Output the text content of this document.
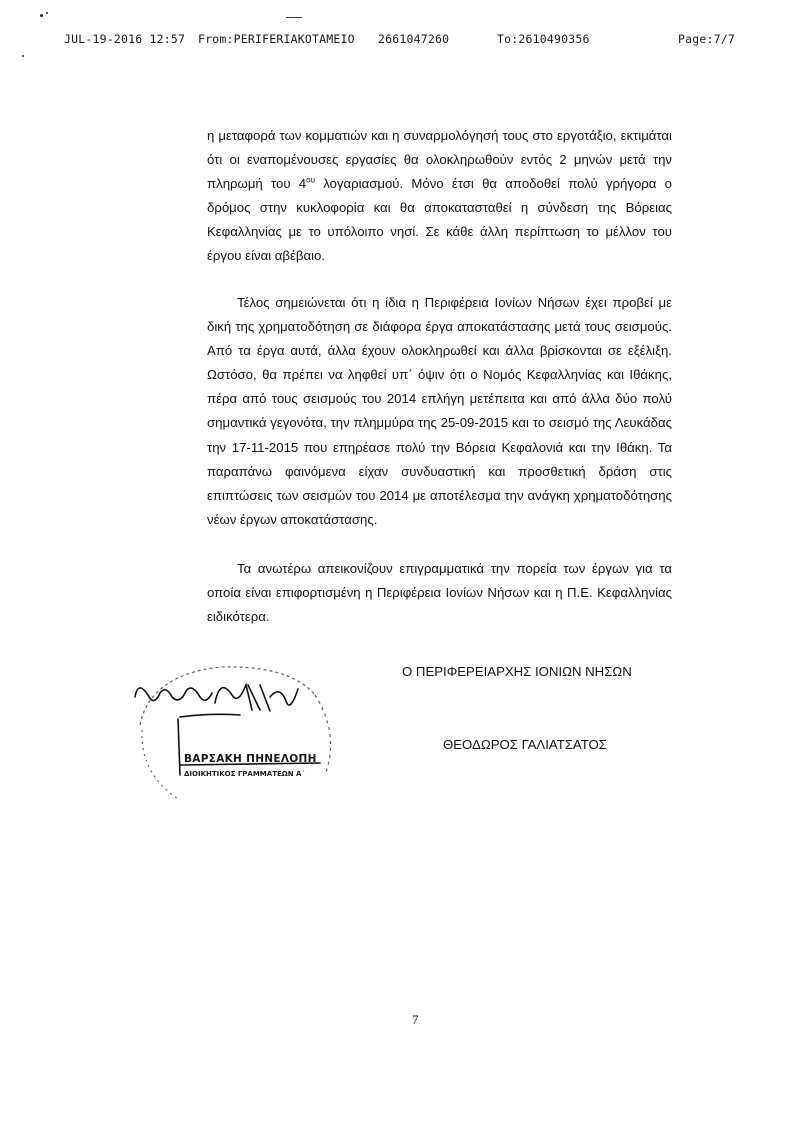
JUL-19-2016 12:57 From:PERIFERIAKOTAMEIO 2661047260	To:2610490356	Page:7/7

η μεταφορά των κομματιών και η συναρμολόγησή τους στο εργοτάξιο, εκτιμάται ότι οι εναπομένουσες εργασίες θα ολοκληρωθούν εντός 2 μηνών μετά την πληρωμή του $4^{o\upsilon}$ λογαριασμού. Μόνο έτσι θα αποδοθεί πολύ γρήγορα ο δρόμος στην κυκλοφορία και θα αποκατασταθεί η σύνδεση της Βόρειας Κεφαλληνίας με το υπόλοιπο νησί. Σε κάθε άλλη περίπτωση το μέλλον του έργου είναι αβέβαιο.

Τέλος σημειώνεται ότι η ίδια η Περιφέρεια Ιονίων Νήσων έχει προβεί με δική της χρηματοδότηση σε διάφορα έργα αποκατάστασης μετά τους σεισμούς. Από τα έργα αυτά, άλλα έχουν ολοκληρωθεί και άλλα βρίσκονται σε εξέλιξη. Ωστόσο, θα πρέπει να ληφθεί υπ΄ όψιν ότι ο Νομός Κεφαλληνίας και Ιθάκης, πέρα από τους σεισμούς του 2014 επλήγη μετέπειτα και από άλλα δύο πολύ σημαντικά γεγονότα, την πλημμύρα της 25-09-2015 και το σεισμό της Λευκάδας την 17-11-2015 που επηρέασε πολύ την Βόρεια Κεφαλονιά και την Ιθάκη. Τα παραπάνω φαινόμενα είχαν συνδυαστική και προσθετική δράση στις επιπτώσεις των σεισμών του 2014 με αποτέλεσμα την ανάγκη χρηματοδότησης νέων έργων αποκατάστασης.

Τα ανωτέρω απεικονίζουν επιγραμματικά την πορεία των έργων για τα οποία είναι επιφορτισμένη η Περιφέρεια Ιονίων Νήσων και η Π.Ε. Κεφαλληνίας ειδικότερα.

Ο ΠΕΡΙΦΕΡΕΙΑΡΧΗΣ ΙΟΝΙΩΝ ΝΗΣΩΝ
ΘΕΟΔΩΡΟΣ ΓΑΛΙΑΤΣΑΤΟΣ
Κέρκυρα 19/07/16
ΒΑΡΣΑΚΗ ΠΗΝΕΛΟΠΗ
ΔΙΟΙΚΗΤΙΚΟΣ ΓΡΑΜΜΑΤΕΩΝ Α΄
7
